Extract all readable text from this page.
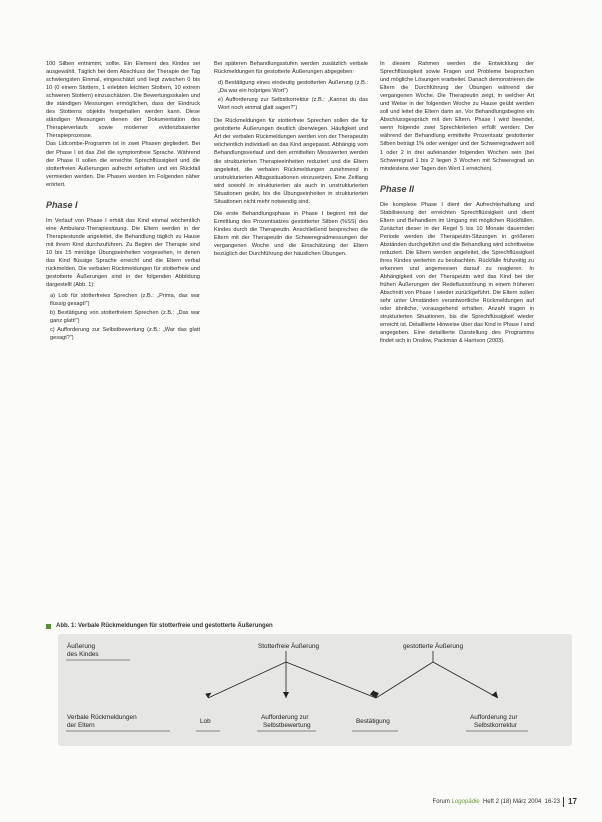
100 Silben entnimmt, sollte. Ein Element des Kindes sei ausgewählt. Täglich bei dem Abschluss der Therapie der Tag schwierigsten Einmal, eingeschätzt und liegt zwischen 0 bis 10 (0 einem Stottern, 1 erlebten leichten Stottern, 10 extrem schweren Stottern) einzuschätzen. Die Bewertungsskalen und die ständigen Messungen ermöglichen, dass der Eindruck des Stotterns objektiv festgehalten werden kann. Diese ständigen Messungen dienen der Dokumentation des Therapieverlaufs sowie moderner evidenzbasierter Therapieprozesse.

Das Lidcombe-Programm ist in zwei Phasen gegliedert. Bei der Phase I ist das Ziel die symptomfreie Sprache. Während der Phase II sollen die erreichte Sprechflüssigkeit und die stotterfreien Äußerungen aufrecht erhalten und ein Rückfall vermieden werden. Die Phasen werden im Folgenden näher erörtert.

Phase I

Im Verlauf von Phase I erhält das Kind einmal wöchentlich eine Ambulanz-Therapiesitzung. Die Eltern werden in der Therapiestunde angeleitet, die Behandlung täglich zu Hause mit ihrem Kind durchzuführen. Zu Beginn der Therapie sind 10 bis 15 minütige Übungseinheiten vorgesehen, in denen das Kind flüssige Sprache erreicht und die Eltern verbal rückmelden. Die verbalen Rückmeldungen für stotterfreie und gestotterte Äußerungen sind in der folgenden Abbildung dargestellt (Abb. 1):

a) Lob für stotterfreies Sprechen (z.B.: „Prima, das war flüssig gesagt!“)
b) Bestätigung von stotterfreiem Sprechen (z.B.: „Das war ganz glatt!“)
c) Aufforderung zur Selbstbewertung (z.B.: „War das glatt gesagt?“)

Bei späteren Behandlungsstufen werden zusätzlich verbale Rückmeldungen für gestotterte Äußerungen abgegeben:

d) Bestätigung eines eindeutig gestotterten Äußerung (z.B.: „Da war ein holpriges Wort“)
e) Aufforderung zur Selbstkorrektur (z.B.: „Kannst du das Wort noch einmal glatt sagen?“)

Die Rückmeldungen für stotterfreie Sprechen sollen die für gestotterte Äußerungen deutlich überwiegen. Häufigkeit und Art der verbalen Rückmeldungen werden von der Therapeutin wöchentlich individuell an das Kind angepasst. Abhängig vom Behandlungsverlauf und den ermittelten Messwerten werden die strukturierten Therapieeinheiten reduziert und die Eltern angeleitet, die verbalen Rückmeldungen zunehmend in unstrukturierten Alltagssituationen einzusetzen. Eine Zeitlang wird sowohl in strukturierten als auch in unstrukturierten Situationen geübt, bis die Übungseinheiten in strukturierten Situationen nicht mehr notwendig sind.

Die erste Behandlungsphase in Phase I beginnt mit der Ermittlung des Prozentsatzes gestotterter Silben (%SS) des Kindes durch die Therapeutin. Anschließend besprechen die Eltern mit der Therapeutin die Schweregradmessungen der vergangenen Woche und die Einschätzung der Eltern bezüglich der Durchführung der häuslichen Übungen.

In diesem Rahmen werden die Entwicklung der Sprechflüssigkeit sowie Fragen und Probleme besprochen und mögliche Lösungen erarbeitet. Danach demonstrieren die Eltern die Durchführung der Übungen während der vergangenen Woche. Die Therapeutin zeigt, in welcher Art und Weise in der folgenden Woche zu Hause geübt werden soll und leitet die Eltern darin an. Vor Behandlungsbeginn ein Abschlussgespräch mit den Eltern. Phase I wird beendet, wenn folgende zwei Sprechkriterien erfüllt werden: Der während der Behandlung ermittelte Prozentsatz gestotterter Silben beträgt 1% oder weniger und der Schweregradwert soll 1 oder 2 in drei aufeinander folgenden Wochen sein (bei Schweregrad 1 bis 2 liegen 3 Wochen mit Schweregrad an mindestens vier Tagen den Wert 1 erreichen).

Phase II

Die komplexe Phase I dient der Aufrechterhaltung und Stabilisierung der erreichten Sprechflüssigkeit und dient Eltern und Behandlern im Umgang mit möglichen Rückfällen. Zunächst dieser in der Regel 5 bis 10 Monate dauernden Periode werden die Therapeutin-Sitzungen in größeren Abständen durchgeführt und die Behandlung wird schrittweise reduziert. Die Eltern werden angeleitet, die Sprechflüssigkeit ihres Kindes weiterhin zu beobachten. Rückfälle frühzeitig zu erkennen und angemessen darauf zu reagieren. In Abhängigkeit von der Therapeutin wird das Kind bei der frühen Äußerungen der Redeflussstörung in einem früheren Abschnitt von Phase I wieder zurückgeführt. Die Eltern sollen sehr unter Umständen verantwortliche Rückmeldungen auf oder ähnliche, vorausgehend erhalten. Anzahl tragen in strukturierten Situationen, bis die Sprechflüssigkeit wieder erreicht ist. Detaillierte Hinweise über das Kind in Phase I sind angegeben. Eine detaillierte Darstellung des Programms findet sich in Onslow, Packman & Harrison (2003).

Abb. 1: Verbale Rückmeldungen für stotterfreie und gestotterte Äußerungen
Äußerung
des Kindes
Stotterfreie Äußerung	gestotterte Äußerung
Verbale Rückmeldungen
der Eltern
Lob
Aufforderung zur
Selbstbewertung
Bestätigung
Aufforderung zur
Selbstkorrektur
Forum Logopädie Heft 2 (18) März 2004 16-23 17
